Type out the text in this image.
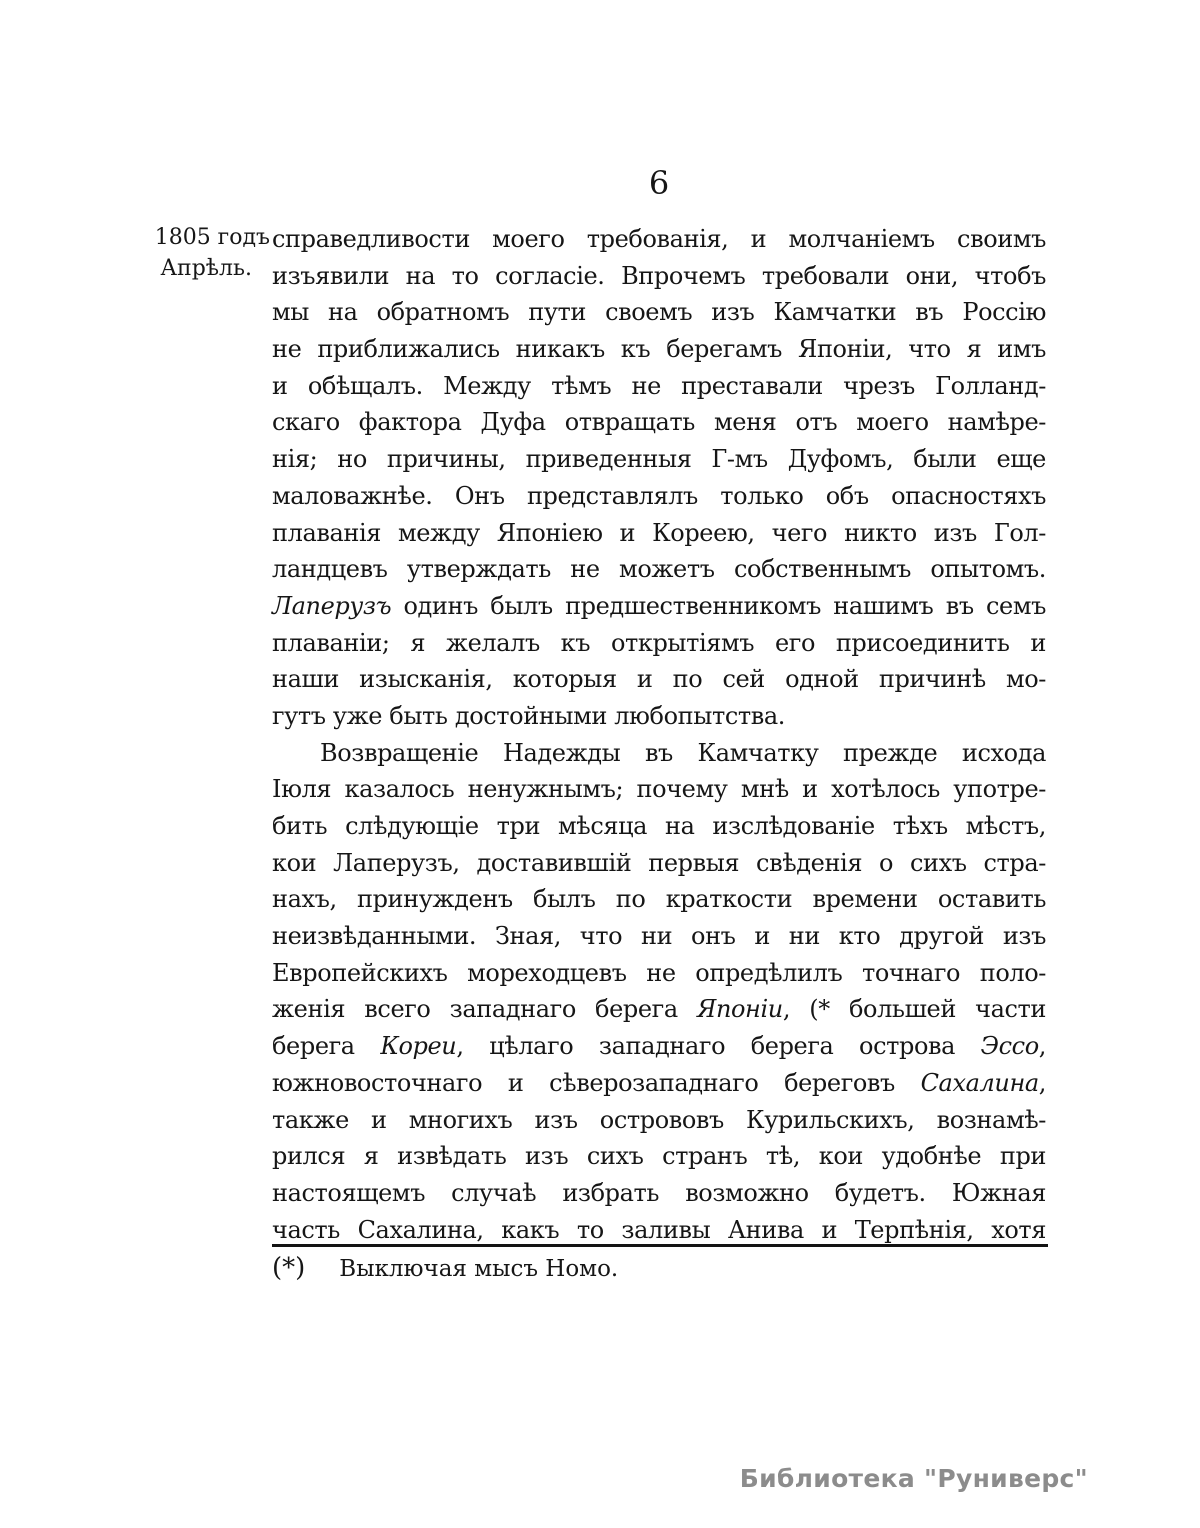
6
1805 годъ
Апрѣль.
справедливости моего требованія, и молчаніемъ своимъ
изъявили на то согласіе. Впрочемъ требовали они, чтобъ
мы на обратномъ пути своемъ изъ Камчатки въ Россію
не приближались никакъ къ берегамъ Японіи, что я имъ
и обѣщалъ. Между тѣмъ не преставали чрезъ Голланд-
скаго фактора Дуфа отвращать меня отъ моего намѣре-
нія; но причины, приведенныя Г-мъ Дуфомъ, были еще
маловажнѣе. Онъ представлялъ только объ опасностяхъ
плаванія между Японіею и Кореею, чего никто изъ Гол-
ландцевъ утверждать не можетъ собственнымъ опытомъ.
Лаперузъ одинъ былъ предшественникомъ нашимъ въ семъ
плаваніи; я желалъ къ открытіямъ его присоединить и
наши изысканія, которыя и по сей одной причинѣ мо-
гутъ уже быть достойными любопытства.
Возвращеніе Надежды въ Камчатку прежде исхода
Іюля казалось ненужнымъ; почему мнѣ и хотѣлось употре-
бить слѣдующіе три мѣсяца на изслѣдованіе тѣхъ мѣстъ,
кои Лаперузъ, доставившій первыя свѣденія о сихъ стра-
нахъ, принужденъ былъ по краткости времени оставить
неизвѣданными. Зная, что ни онъ и ни кто другой изъ
Европейскихъ мореходцевъ не опредѣлилъ точнаго поло-
женія всего западнаго берега Японіи, (* большей части
берега Кореи, цѣлаго западнаго берега острова Эссо,
южновосточнаго и сѣверозападнаго береговъ Сахалина,
также и многихъ изъ острововъ Курильскихъ, вознамѣ-
рился я извѣдать изъ сихъ странъ тѣ, кои удобнѣе при
настоящемъ случаѣ избрать возможно будетъ. Южная
часть Сахалина, какъ то заливы Анива и Терпѣнія, хотя
(*) Выключая мысъ Номо.
Библиотека "Руниверс"
